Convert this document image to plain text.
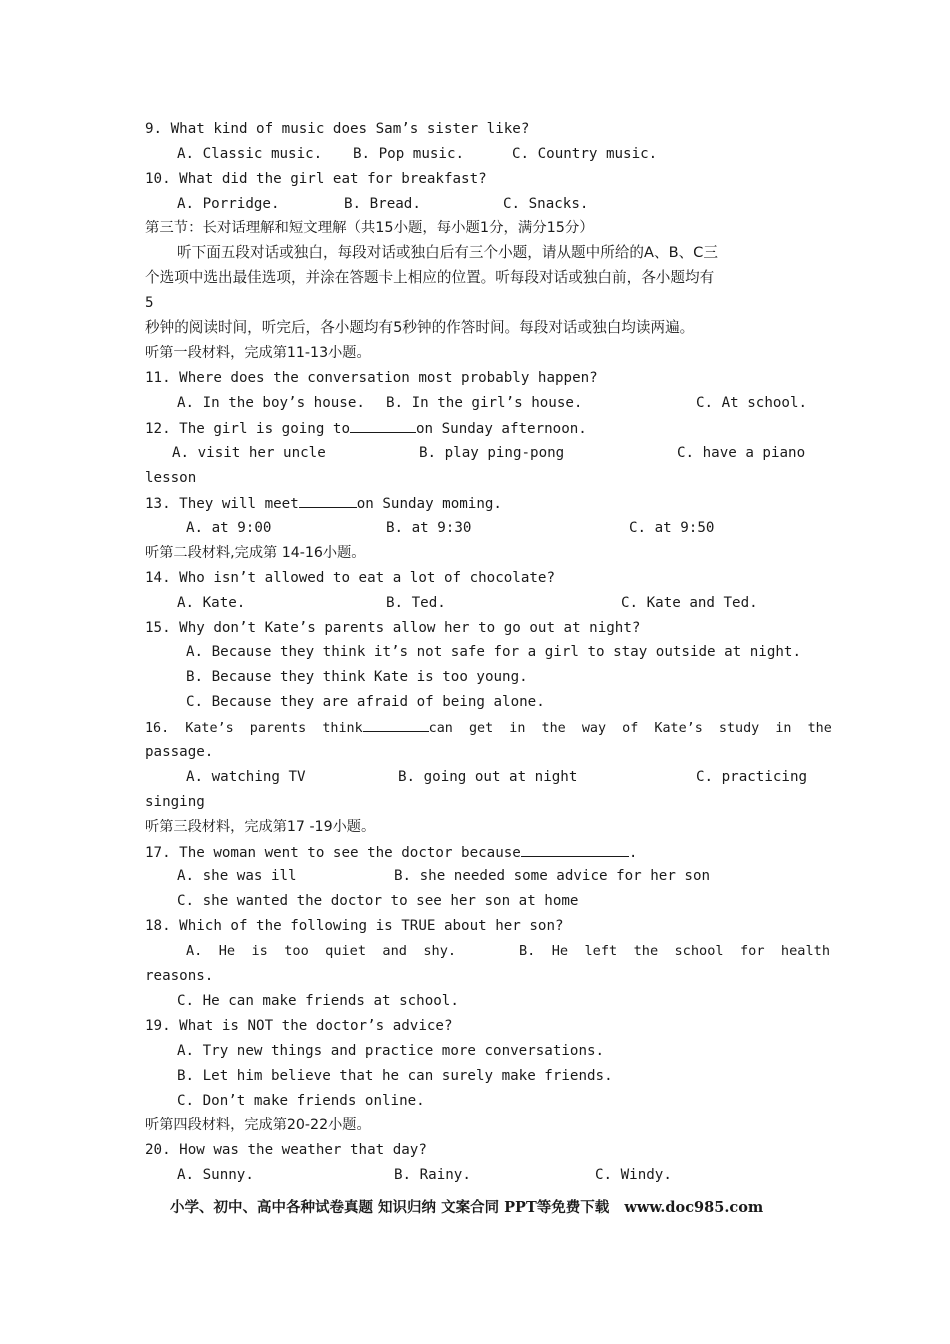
9. What kind of music does Sam’s sister like?
A. Classic music. B. Pop music.	C. Country music.
10. What did the girl eat for breakfast?
A. Porridge.	B. Bread.	C. Snacks.
第三节：长对话理解和短文理解（共15小题，每小题1分，满分15分）
听下面五段对话或独白，每段对话或独白后有三个小题，请从题中所给的A、B、C三
个选项中选出最佳选项，并涂在答题卡上相应的位置。听每段对话或独白前，各小题均有
5
秒钟的阅读时间，听完后，各小题均有5秒钟的作答时间。每段对话或独白均读两遍。
听第一段材料，完成第11-13小题。
11. Where does the conversation most probably happen?
A. In the boy’s house. B. In the girl’s house.	C. At school.
12. The girl is going to	on Sunday afternoon.
A. visit her uncle	B. play ping-pong	C. have a piano
lesson
13. They will meet	on Sunday moming.
A. at 9:00	B. at 9:30	C. at 9:50
听第二段材料,完成第 14-16小题。
14. Who isn’t allowed to eat a lot of chocolate?
A. Kate.	B. Ted.	C. Kate and Ted.
15. Why don’t Kate’s parents allow her to go out at night?
A. Because they think it’s not safe for a girl to stay outside at night.
B. Because they think Kate is too young.
C. Because they are afraid of being alone.
16.  Kate’s  parents  think	can  get  in  the  way  of  Kate’s  study  in  the
passage.
A. watching TV	B. going out at night	C. practicing
singing
听第三段材料，完成第17 -19小题。
17. The woman went to see the doctor because	.
A. she was ill	B. she needed some advice for her son
C. she wanted the doctor to see her son at home
18. Which of the following is TRUE about her son?
A.  He  is  too  quiet  and  shy.	B.  He  left  the  school  for  health
reasons.
C. He can make friends at school.
19. What is NOT the doctor’s advice?
A. Try new things and practice more conversations.
B. Let him believe that he can surely make friends.
C. Don’t make friends online.
听第四段材料，完成第20-22小题。
20. How was the weather that day?
A. Sunny.	B. Rainy.	C. Windy.
小学、初中、高中各种试卷真题 知识归纳 文案合同 PPT等免费下载   www.doc985.com
